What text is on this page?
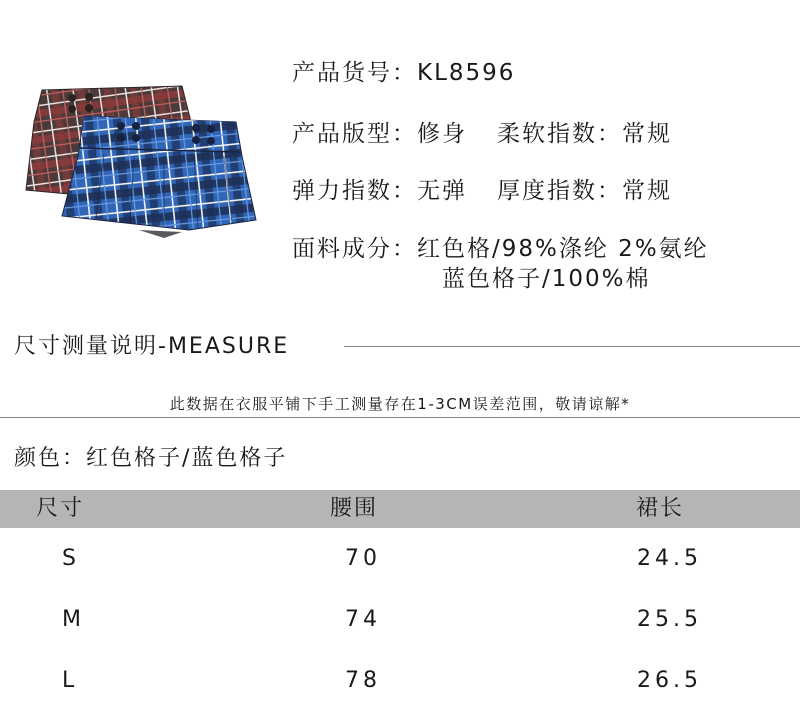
产品货号：KL8596
产品版型：修身 柔软指数：常规
弹力指数：无弹 厚度指数：常规
面料成分：红色格/98%涤纶 2%氨纶
蓝色格子/100%棉
尺寸测量说明-MEASURE
此数据在衣服平铺下手工测量存在1-3CM误差范围，敬请谅解*
颜色：红色格子/蓝色格子
尺寸	腰围	裙长
S	70	24.5
M	74	25.5
L	78	26.5
